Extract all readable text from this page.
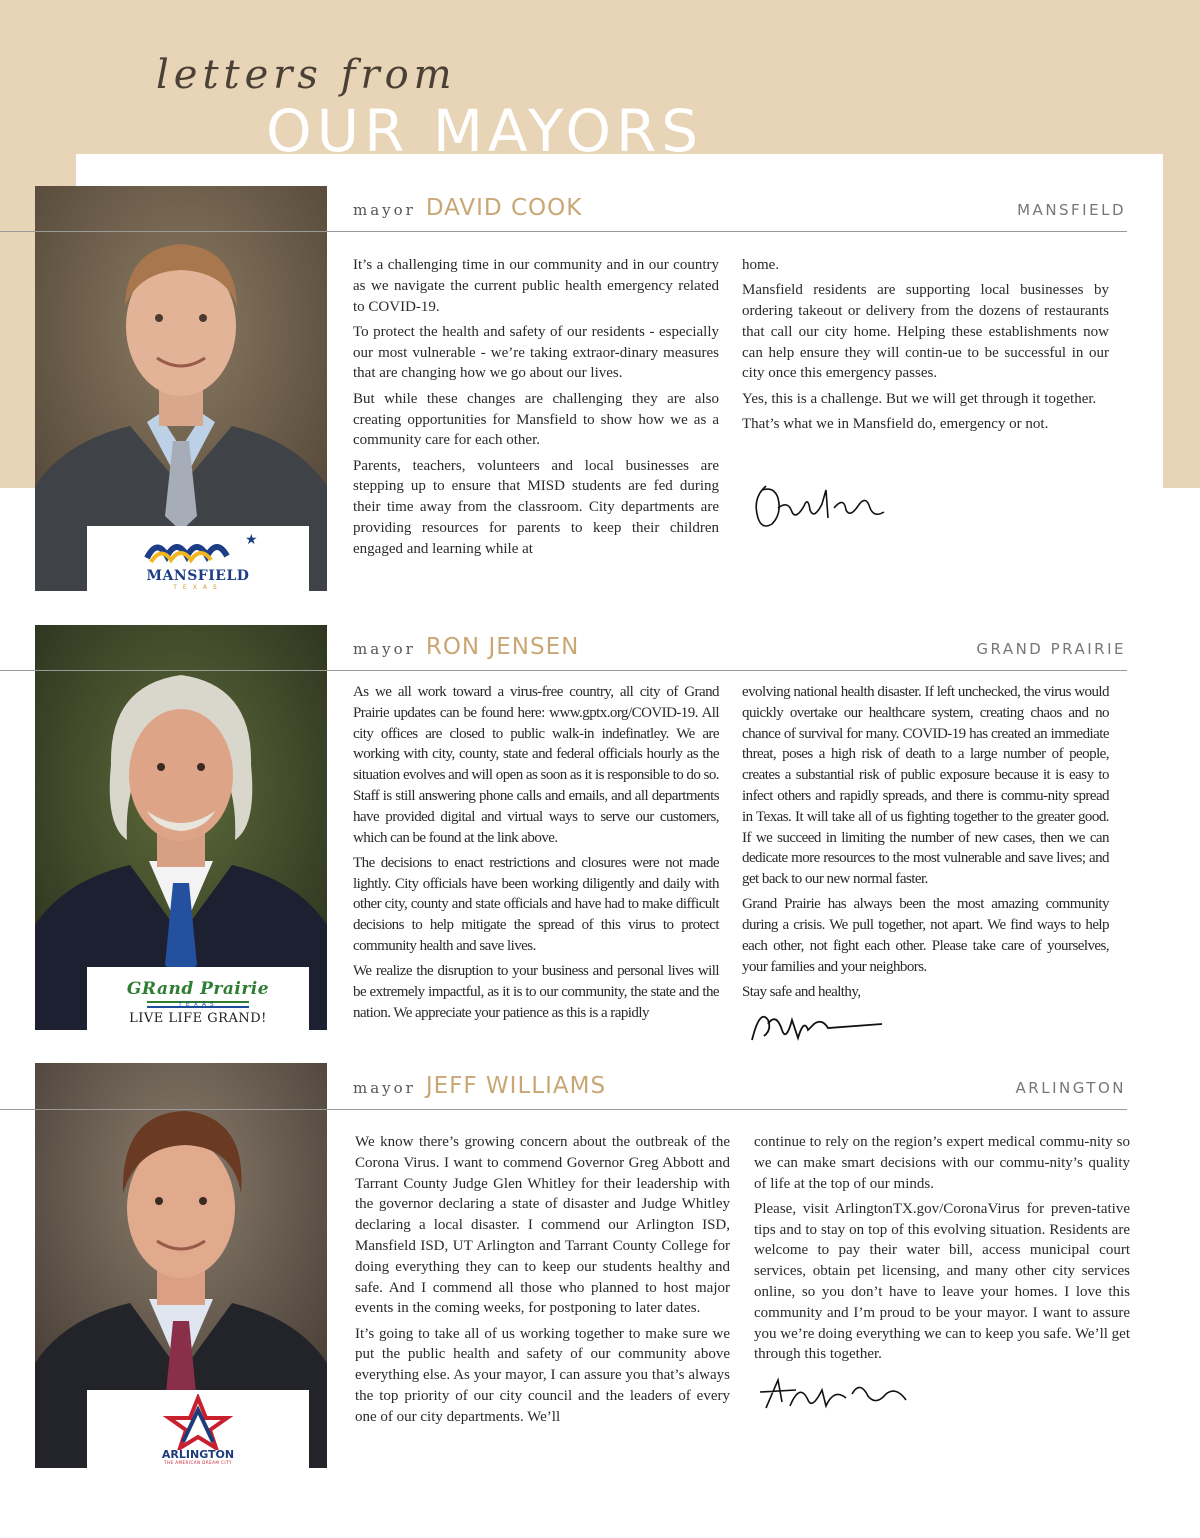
letters from
OUR MAYORS
★
MANSFIELD
TEXAS
mayor DAVID COOK	MANSFIELD

It’s a challenging time in our community and in our country as we navigate the current public health emergency related to COVID-19.

To protect the health and safety of our residents - especially our most vulnerable - we’re taking extraor-dinary measures that are changing how we go about our lives.

But while these changes are challenging they are also creating opportunities for Mansfield to show how we as a community care for each other.

Parents, teachers, volunteers and local businesses are stepping up to ensure that MISD students are fed during their time away from the classroom. City departments are providing resources for parents to keep their children engaged and learning while at

home.

Mansfield residents are supporting local businesses by ordering takeout or delivery from the dozens of restaurants that call our city home. Helping these establishments now can help ensure they will contin-ue to be successful in our city once this emergency passes.

Yes, this is a challenge. But we will get through it together.

That’s what we in Mansfield do, emergency or not.

GRand Prairie
TEXAS
LIVE LIFE GRAND!
mayor RON JENSEN	GRAND PRAIRIE

As we all work toward a virus-free country, all city of Grand Prairie updates can be found here: www.gptx.org/COVID-19. All city offices are closed to public walk-in indefinatley. We are working with city, county, state and federal officials hourly as the situation evolves and will open as soon as it is responsible to do so. Staff is still answering phone calls and emails, and all departments have provided digital and virtual ways to serve our customers, which can be found at the link above.

The decisions to enact restrictions and closures were not made lightly. City officials have been working diligently and daily with other city, county and state officials and have had to make difficult decisions to help mitigate the spread of this virus to protect community health and save lives.

We realize the disruption to your business and personal lives will be extremely impactful, as it is to our community, the state and the nation. We appreciate your patience as this is a rapidly

evolving national health disaster. If left unchecked, the virus would quickly overtake our healthcare system, creating chaos and no chance of survival for many. COVID-19 has created an immediate threat, poses a high risk of death to a large number of people, creates a substantial risk of public exposure because it is easy to infect others and rapidly spreads, and there is commu-nity spread in Texas. It will take all of us fighting together to the greater good. If we succeed in limiting the number of new cases, then we can dedicate more resources to the most vulnerable and save lives; and get back to our new normal faster.

Grand Prairie has always been the most amazing community during a crisis. We pull together, not apart. We find ways to help each other, not fight each other. Please take care of yourselves, your families and your neighbors.

Stay safe and healthy,

ARLINGTON
THE AMERICAN DREAM CITY
mayor JEFF WILLIAMS	ARLINGTON

We know there’s growing concern about the outbreak of the Corona Virus. I want to commend Governor Greg Abbott and Tarrant County Judge Glen Whitley for their leadership with the governor declaring a state of disaster and Judge Whitley declaring a local disaster. I commend our Arlington ISD, Mansfield ISD, UT Arlington and Tarrant County College for doing everything they can to keep our students healthy and safe. And I commend all those who planned to host major events in the coming weeks, for postponing to later dates.

It’s going to take all of us working together to make sure we put the public health and safety of our community above everything else. As your mayor, I can assure you that’s always the top priority of our city council and the leaders of every one of our city departments. We’ll

continue to rely on the region’s expert medical commu-nity so we can make smart decisions with our commu-nity’s quality of life at the top of our minds.

Please, visit ArlingtonTX.gov/CoronaVirus for preven-tative tips and to stay on top of this evolving situation. Residents are welcome to pay their water bill, access municipal court services, obtain pet licensing, and many other city services online, so you don’t have to leave your homes. I love this community and I’m proud to be your mayor. I want to assure you we’re doing everything we can to keep you safe. We’ll get through this together.
